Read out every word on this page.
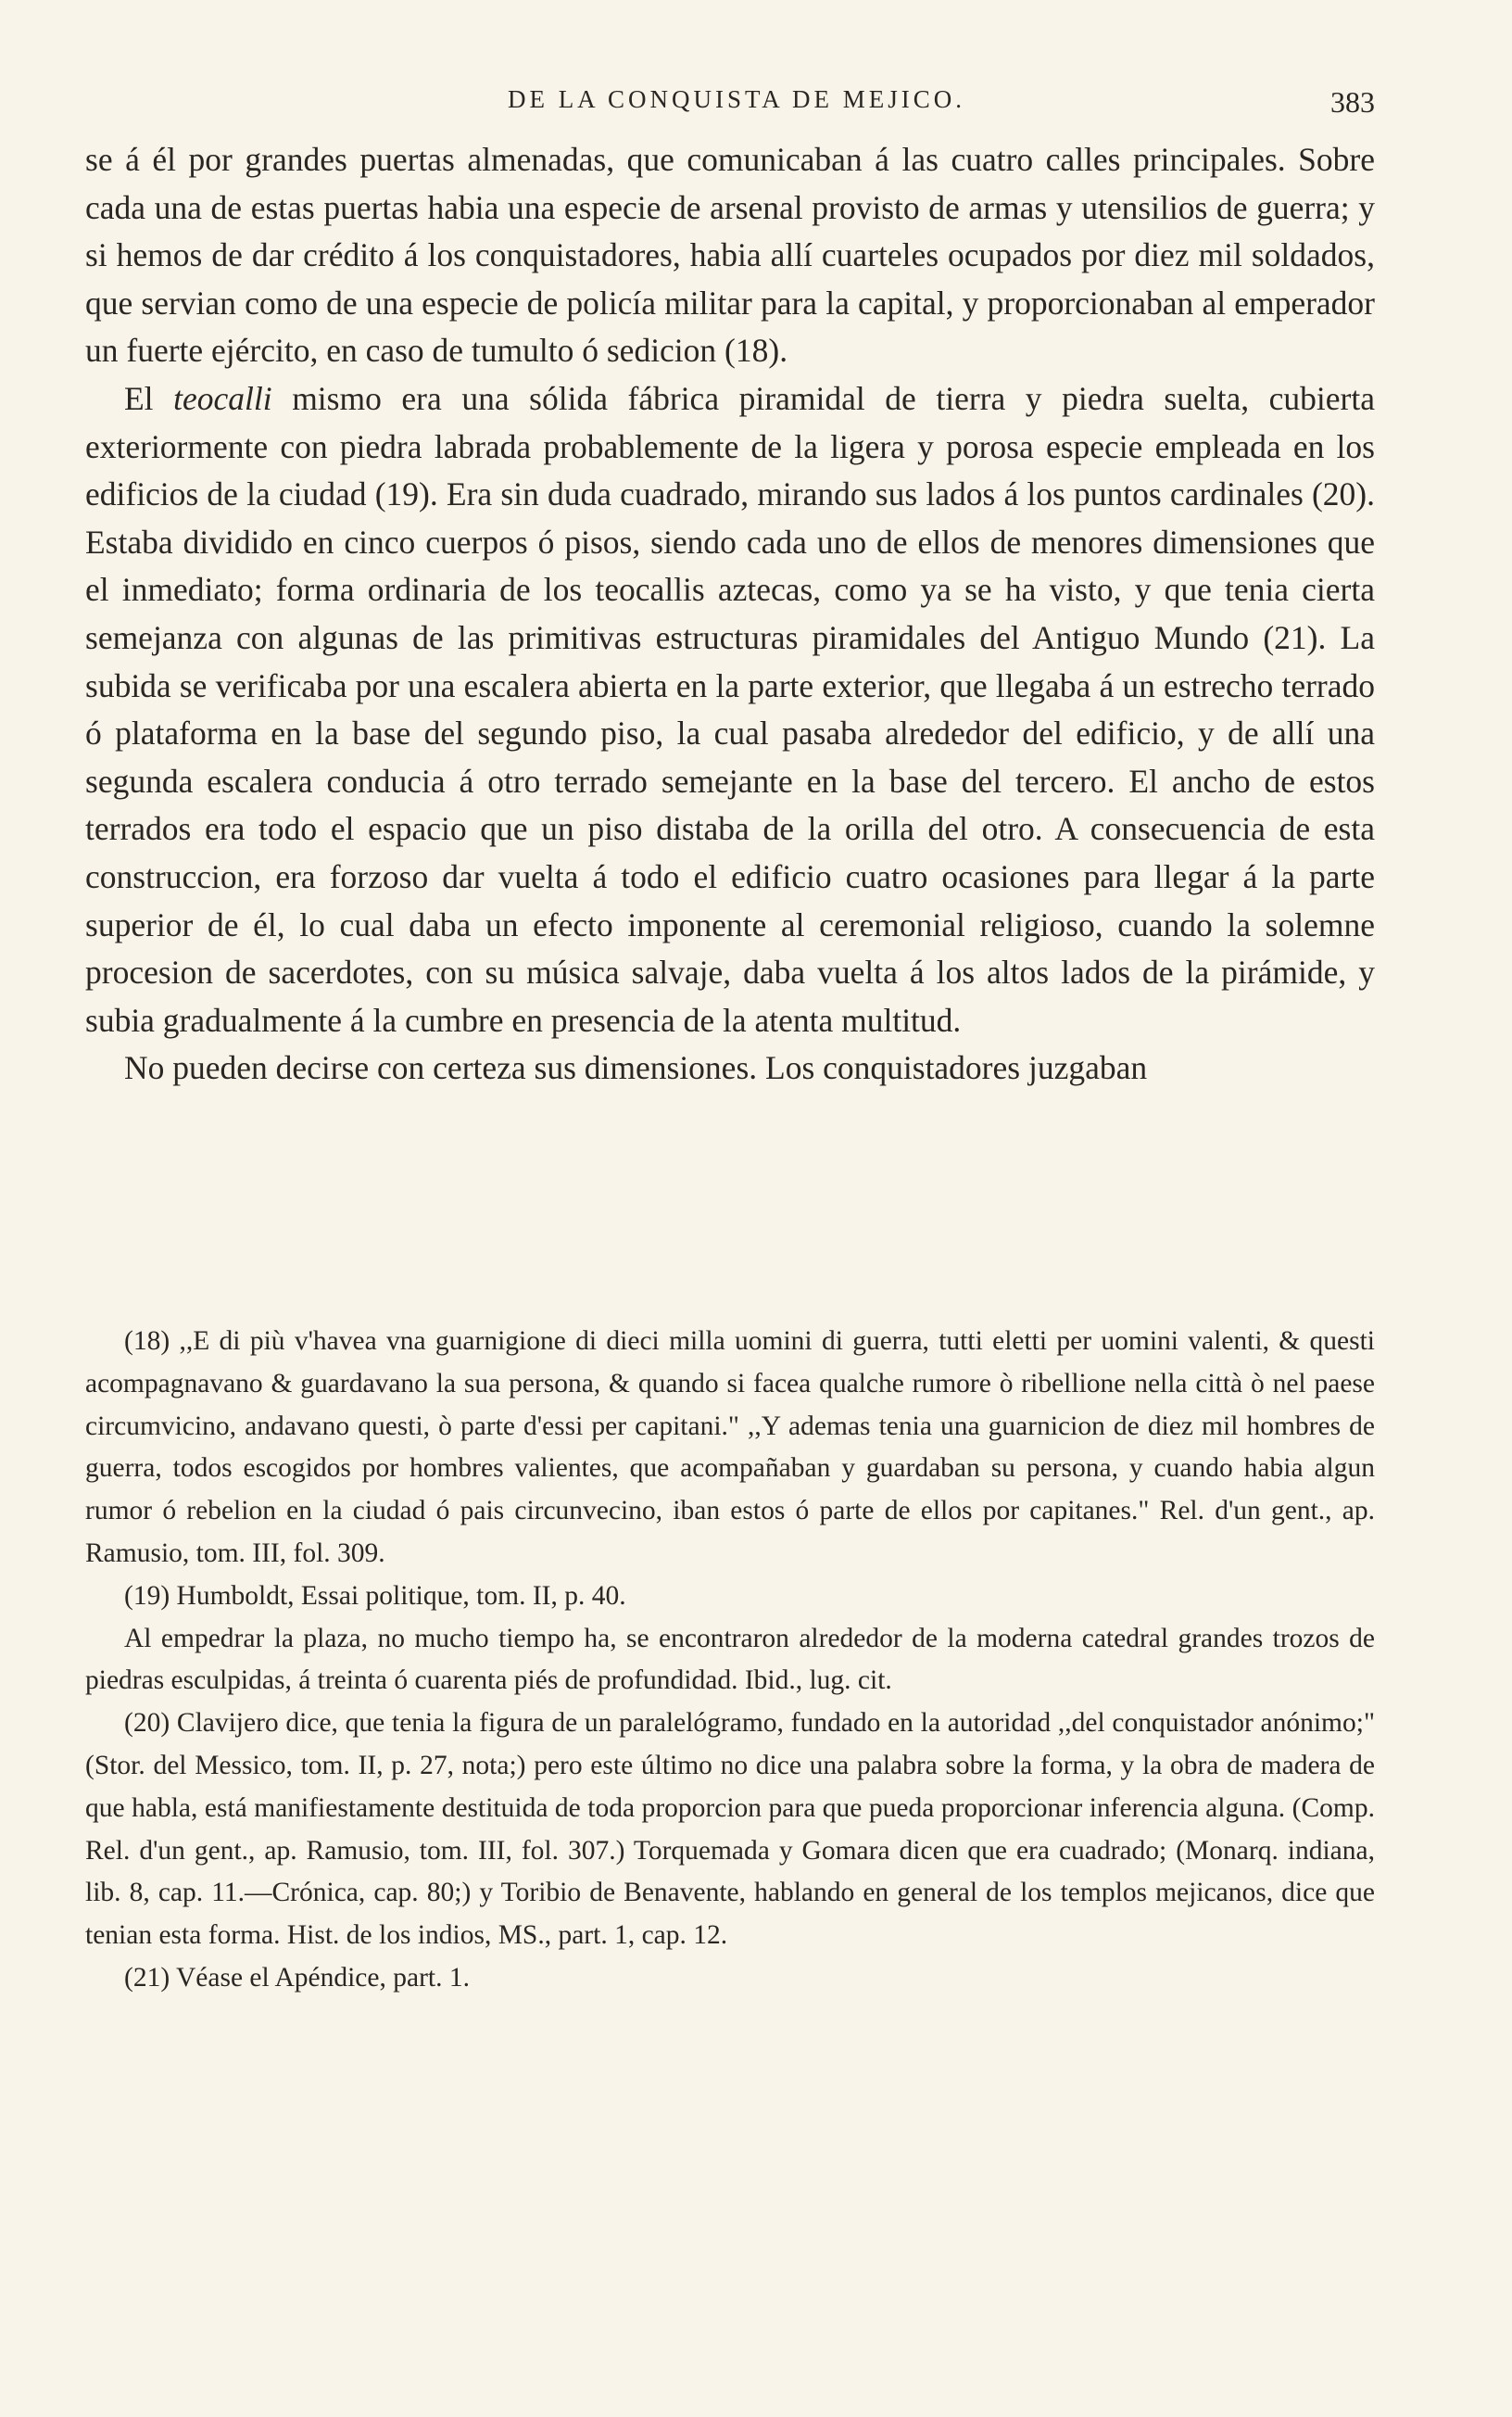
DE LA CONQUISTA DE MEJICO.	383

se á él por grandes puertas almenadas, que comunicaban á las cuatro calles principales. Sobre cada una de estas puertas habia una especie de arsenal provisto de armas y utensilios de guerra; y si hemos de dar crédito á los conquistadores, habia allí cuarteles ocupados por diez mil soldados, que servian como de una especie de policía militar para la capital, y proporcionaban al emperador un fuerte ejército, en caso de tumulto ó sedicion (18).

El teocalli mismo era una sólida fábrica piramidal de tierra y piedra suelta, cubierta exteriormente con piedra labrada probablemente de la ligera y porosa especie empleada en los edificios de la ciudad (19). Era sin duda cuadrado, mirando sus lados á los puntos cardinales (20). Estaba dividido en cinco cuerpos ó pisos, siendo cada uno de ellos de menores dimensiones que el inmediato; forma ordinaria de los teocallis aztecas, como ya se ha visto, y que tenia cierta semejanza con algunas de las primitivas estructuras piramidales del Antiguo Mundo (21). La subida se verificaba por una escalera abierta en la parte exterior, que llegaba á un estrecho terrado ó plataforma en la base del segundo piso, la cual pasaba alrededor del edificio, y de allí una segunda escalera conducia á otro terrado semejante en la base del tercero. El ancho de estos terrados era todo el espacio que un piso distaba de la orilla del otro. A consecuencia de esta construccion, era forzoso dar vuelta á todo el edificio cuatro ocasiones para llegar á la parte superior de él, lo cual daba un efecto imponente al ceremonial religioso, cuando la solemne procesion de sacerdotes, con su música salvaje, daba vuelta á los altos lados de la pirámide, y subia gradualmente á la cumbre en presencia de la atenta multitud.

No pueden decirse con certeza sus dimensiones. Los conquistadores juzgaban

(18) ,,E di più v'havea vna guarnigione di dieci milla uomini di guerra, tutti eletti per uomini valenti, & questi acompagnavano & guardavano la sua persona, & quando si facea qualche rumore ò ribellione nella città ò nel paese circumvicino, andavano questi, ò parte d'essi per capitani." ,,Y ademas tenia una guarnicion de diez mil hombres de guerra, todos escogidos por hombres valientes, que acompañaban y guardaban su persona, y cuando habia algun rumor ó rebelion en la ciudad ó pais circunvecino, iban estos ó parte de ellos por capitanes." Rel. d'un gent., ap. Ramusio, tom. III, fol. 309.

(19) Humboldt, Essai politique, tom. II, p. 40.

Al empedrar la plaza, no mucho tiempo ha, se encontraron alrededor de la moderna catedral grandes trozos de piedras esculpidas, á treinta ó cuarenta piés de profundidad. Ibid., lug. cit.

(20) Clavijero dice, que tenia la figura de un paralelógramo, fundado en la autoridad ,,del conquistador anónimo;" (Stor. del Messico, tom. II, p. 27, nota;) pero este último no dice una palabra sobre la forma, y la obra de madera de que habla, está manifiestamente destituida de toda proporcion para que pueda proporcionar inferencia alguna. (Comp. Rel. d'un gent., ap. Ramusio, tom. III, fol. 307.) Torquemada y Gomara dicen que era cuadrado; (Monarq. indiana, lib. 8, cap. 11.—Crónica, cap. 80;) y Toribio de Benavente, hablando en general de los templos mejicanos, dice que tenian esta forma. Hist. de los indios, MS., part. 1, cap. 12.

(21) Véase el Apéndice, part. 1.
